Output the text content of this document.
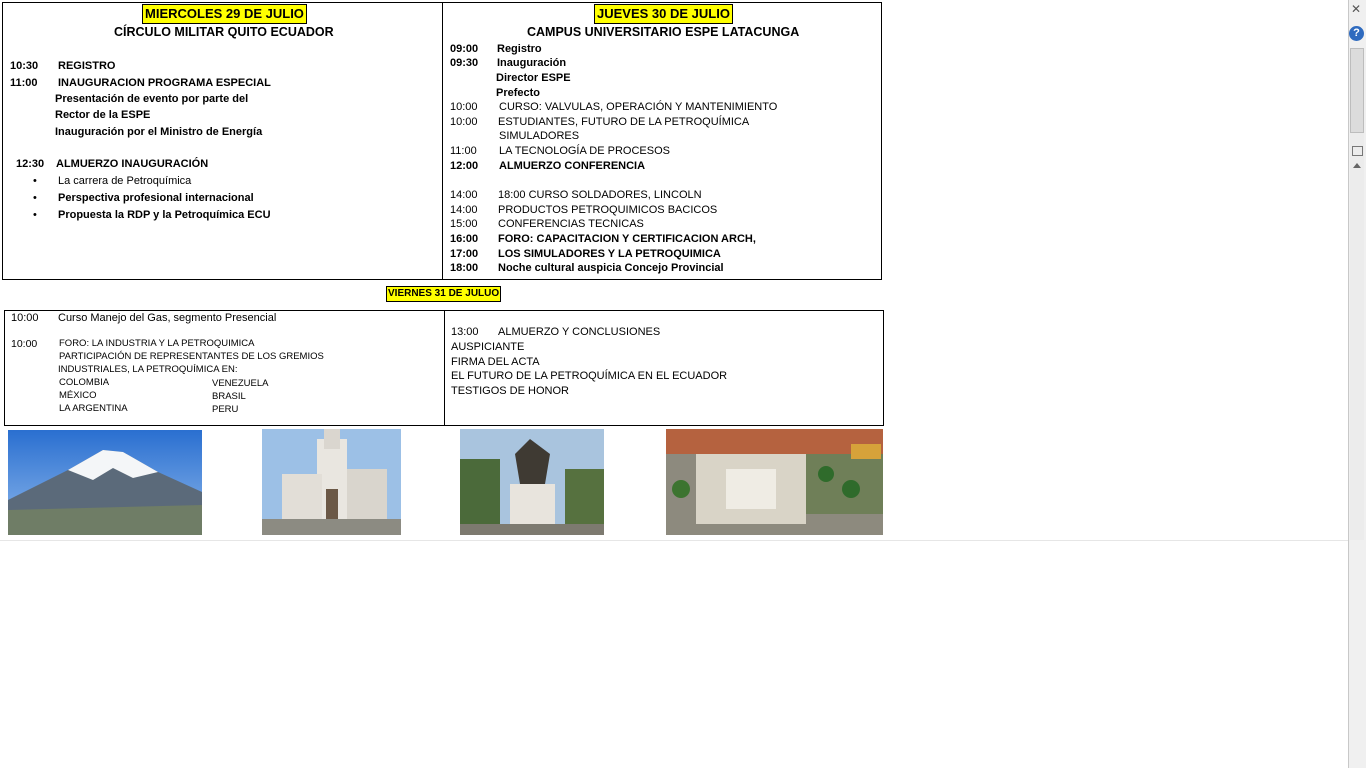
MIERCOLES 29 DE JULIO
CÍRCULO MILITAR QUITO ECUADOR
10:30 REGISTRO
11:00 INAUGURACION PROGRAMA ESPECIAL
Presentación de evento por parte del
Rector de la ESPE
Inauguración por el Ministro de Energía
12:30 ALMUERZO INAUGURACIÓN
• La carrera de Petroquímica
• Perspectiva profesional internacional
• Propuesta la RDP y la Petroquímica ECU
JUEVES 30 DE JULIO
CAMPUS UNIVERSITARIO ESPE LATACUNGA
09:00 Registro
09:30 Inauguración
Director ESPE
Prefecto
10:00 CURSO: VALVULAS, OPERACIÓN Y MANTENIMIENTO
10:00 ESTUDIANTES, FUTURO DE LA PETROQUÍMICA
SIMULADORES
11:00 LA TECNOLOGÍA DE PROCESOS
12:00 ALMUERZO CONFERENCIA
14:00 18:00 CURSO SOLDADORES, LINCOLN
14:00 PRODUCTOS PETROQUIMICOS BACICOS
15:00 CONFERENCIAS TECNICAS
16:00 FORO: CAPACITACION Y CERTIFICACION ARCH,
17:00 LOS SIMULADORES Y LA PETROQUIMICA
18:00 Noche cultural auspicia Concejo Provincial
VIERNES 31 DE JULUO
10:00 Curso Manejo del Gas, segmento Presencial
10:00 FORO: LA INDUSTRIA Y LA PETROQUIMICA
PARTICIPACIÓN DE REPRESENTANTES DE LOS GREMIOS
INDUSTRIALES, LA PETROQUÍMICA EN:
COLOMBIA
MÉXICO
LA ARGENTINA
VENEZUELA
BRASIL
PERU
13:00 ALMUERZO Y CONCLUSIONES
AUSPICIANTE
FIRMA DEL ACTA
EL FUTURO DE LA PETROQUÍMICA EN EL ECUADOR
TESTIGOS DE HONOR
✕
?
